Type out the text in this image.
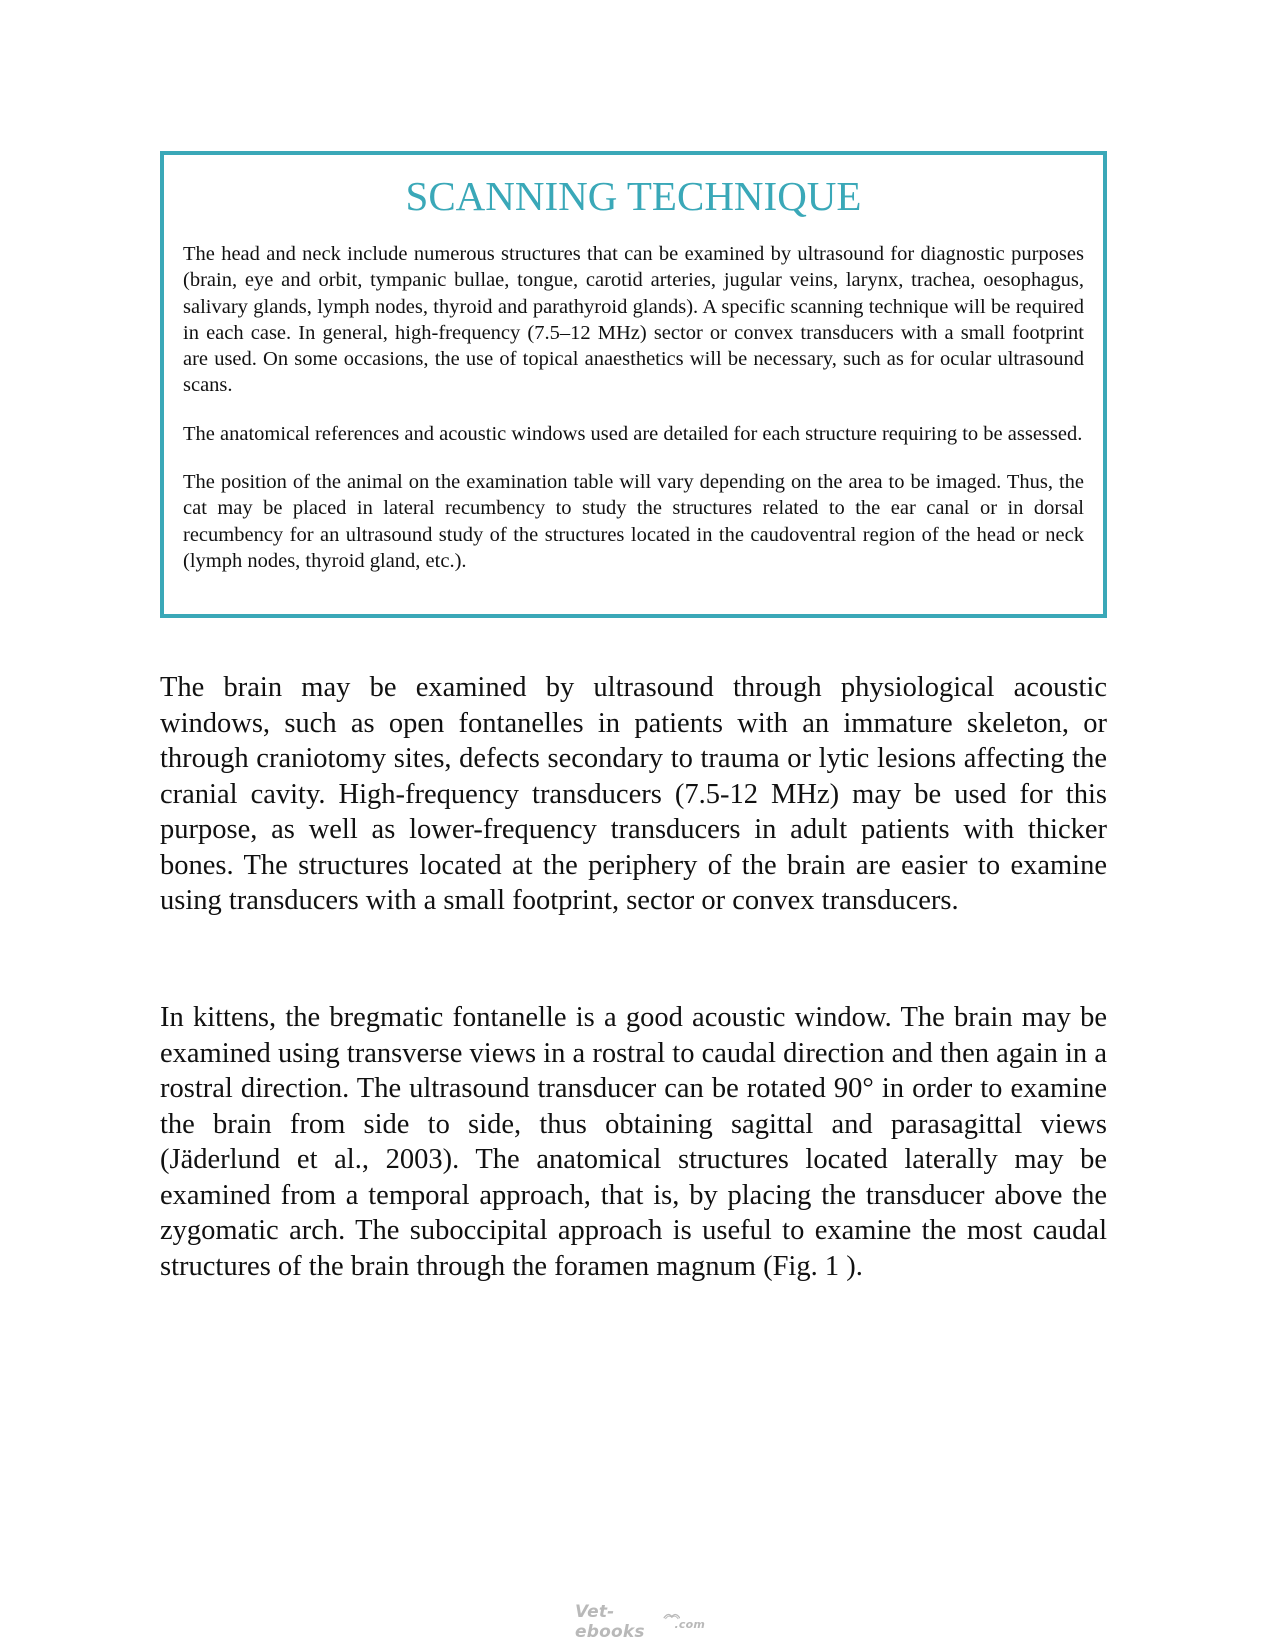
SCANNING TECHNIQUE

The head and neck include numerous structures that can be examined by ultrasound for diagnostic purposes (brain, eye and orbit, tympanic bullae, tongue, carotid arteries, jugular veins, larynx, trachea, oesophagus, salivary glands, lymph nodes, thyroid and parathyroid glands). A specific scanning technique will be required in each case. In general, high-frequency (7.5–12 MHz) sector or convex transducers with a small footprint are used. On some occasions, the use of topical anaesthetics will be necessary, such as for ocular ultrasound scans.

The anatomical references and acoustic windows used are detailed for each structure requiring to be assessed.

The position of the animal on the examination table will vary depending on the area to be imaged. Thus, the cat may be placed in lateral recumbency to study the structures related to the ear canal or in dorsal recumbency for an ultrasound study of the structures located in the caudoventral region of the head or neck (lymph nodes, thyroid gland, etc.).

The brain may be examined by ultrasound through physiological acoustic windows, such as open fontanelles in patients with an immature skeleton, or through craniotomy sites, defects secondary to trauma or lytic lesions affecting the cranial cavity. High-frequency transducers (7.5-12 MHz) may be used for this purpose, as well as lower-frequency transducers in adult patients with thicker bones. The structures located at the periphery of the brain are easier to examine using transducers with a small footprint, sector or convex transducers.

In kittens, the bregmatic fontanelle is a good acoustic window. The brain may be examined using transverse views in a rostral to caudal direction and then again in a rostral direction. The ultrasound transducer can be rotated 90° in order to examine the brain from side to side, thus obtaining sagittal and parasagittal views (Jäderlund et al., 2003). The anatomical structures located laterally may be examined from a temporal approach, that is, by placing the transducer above the zygomatic arch. The suboccipital approach is useful to examine the most caudal structures of the brain through the foramen magnum (Fig. 1 ).

Vet-ebooks	.com
